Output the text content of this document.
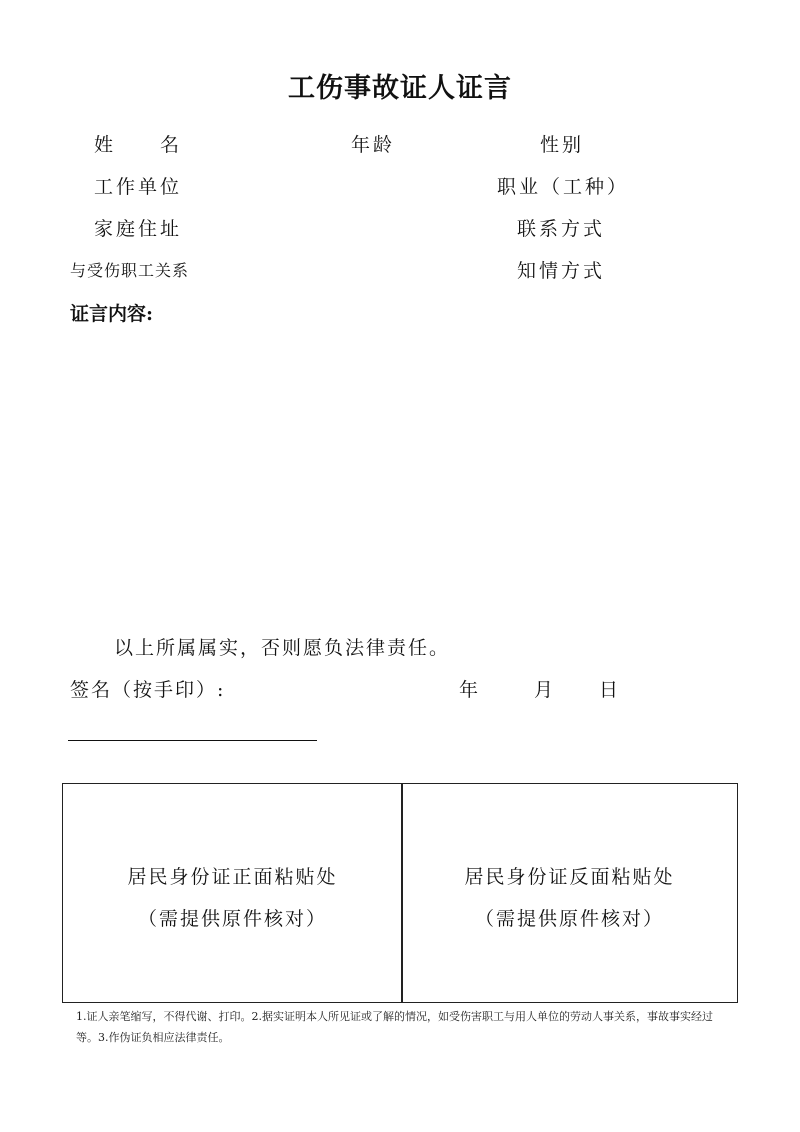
工伤事故证人证言
姓　　名	年龄	性别
工作单位	职业（工种）
家庭住址	联系方式
与受伤职工关系	知情方式
证言内容:
以上所属属实，否则愿负法律责任。
签名（按手印）:	年	月 日
居民身份证正面粘贴处
（需提供原件核对）
居民身份证反面粘贴处
（需提供原件核对）
1.证人亲笔缩写，不得代谢、打印。2.据实证明本人所见证或了解的情况，如受伤害职工与用人单位的劳动人事关系，事故事实经过等。3.作伪证负相应法律责任。
